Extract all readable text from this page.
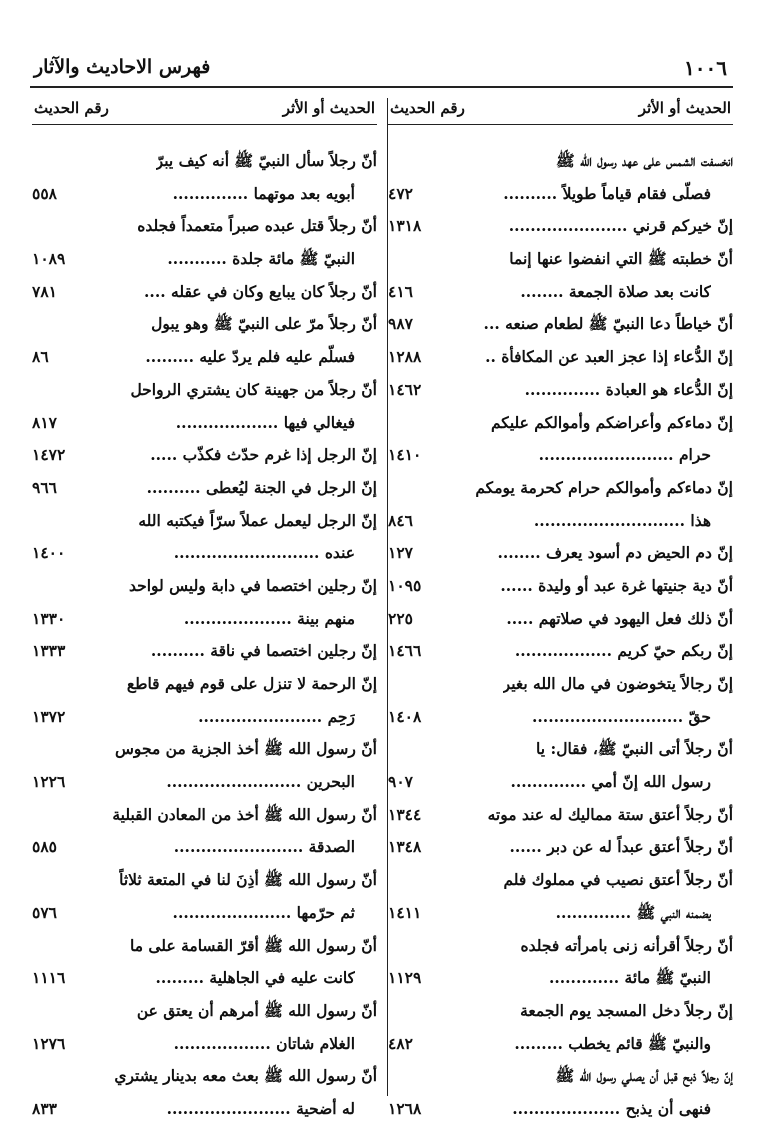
١٠٠٦
فهرس الاحاديث والآثار
الحديث أو الأثر
رقم الحديث
انخسفت الشمس على عهد رسول الله ﷺ
فصلّى فقام قياماً طويلاً ..........
٤٧٢
إنّ خيركم قرني ......................
١٣١٨
أنّ خطبته ﷺ التي انفضوا عنها إنما
كانت بعد صلاة الجمعة ........
٤١٦
أنّ خياطاً دعا النبيّ ﷺ لطعام صنعه ...
٩٨٧
إنّ الدُّعاء إذا عجز العبد عن المكافأة ..
١٢٨٨
إنّ الدُّعاء هو العبادة ..............
١٤٦٢
إنّ دماءكم وأعراضكم وأموالكم عليكم
حرام .........................
١٤١٠
إنّ دماءكم وأموالكم حرام كحرمة يومكم
هذا ............................
٨٤٦
إنّ دم الحيض دم أسود يعرف ........
١٢٧
أنّ دية جنيتها غرة عبد أو وليدة ......
١٠٩٥
أنّ ذلك فعل اليهود في صلاتهم .....
٢٢٥
إنّ ربكم حيّ كريم ..................
١٤٦٦
إنّ رجالاً يتخوضون في مال الله بغير
حقّ ............................
١٤٠٨
أنّ رجلاً أتى النبيّ ﷺ، فقال: يا
رسول الله إنّ أمي ..............
٩٠٧
أنّ رجلاً أعتق ستة مماليك له عند موته
١٣٤٤
أنّ رجلاً أعتق عبداً له عن دبر ......
١٣٤٨
أنّ رجلاً أعتق نصيب في مملوك فلم
يضمنه النبي ﷺ ..............
١٤١١
أنّ رجلاً أقرأنه زنى بامرأته فجلده
النبيّ ﷺ مائة .............
١١٢٩
إنّ رجلاً دخل المسجد يوم الجمعة
والنبيّ ﷺ قائم يخطب .........
٤٨٢
إنّ رجلاً ذبح قبل أن يصلي رسول الله ﷺ
فنهى أن يذبح ....................
١٢٦٨
الحديث أو الأثر
رقم الحديث
أنّ رجلاً سأل النبيّ ﷺ أنه كيف يبرّ
أبويه بعد موتهما ..............
٥٥٨
أنّ رجلاً قتل عبده صبراً متعمداً فجلده
النبيّ ﷺ مائة جلدة ...........
١٠٨٩
أنّ رجلاً كان يبايع وكان في عقله ....
٧٨١
أنّ رجلاً مرّ على النبيّ ﷺ وهو يبول
فسلّم عليه فلم يردّ عليه .........
٨٦
أنّ رجلاً من جهينة كان يشتري الرواحل
فيغالي فيها ...................
٨١٧
إنّ الرجل إذا غرم حدّث فكذّب .....
١٤٧٢
إنّ الرجل في الجنة ليُعطى ..........
٩٦٦
إنّ الرجل ليعمل عملاً سرّاً فيكتبه الله
عنده ...........................
١٤٠٠
إنّ رجلين اختصما في دابة وليس لواحد
منهم بينة ....................
١٣٣٠
إنّ رجلين اختصما في ناقة ..........
١٣٣٣
إنّ الرحمة لا تنزل على قوم فيهم قاطع
رَحِم .......................
١٣٧٢
أنّ رسول الله ﷺ أخذ الجزية من مجوس
البحرين .........................
١٢٢٦
أنّ رسول الله ﷺ أخذ من المعادن القبلية
الصدقة ........................
٥٨٥
أنّ رسول الله ﷺ أذِنَ لنا في المتعة ثلاثاً
ثم حرّمها ......................
٥٧٦
أنّ رسول الله ﷺ أقرّ القسامة على ما
كانت عليه في الجاهلية .........
١١١٦
أنّ رسول الله ﷺ أمرهم أن يعتق عن
الغلام شاتان ..................
١٢٧٦
أنّ رسول الله ﷺ بعث معه بدينار يشتري
له أضحية .......................
٨٣٣
